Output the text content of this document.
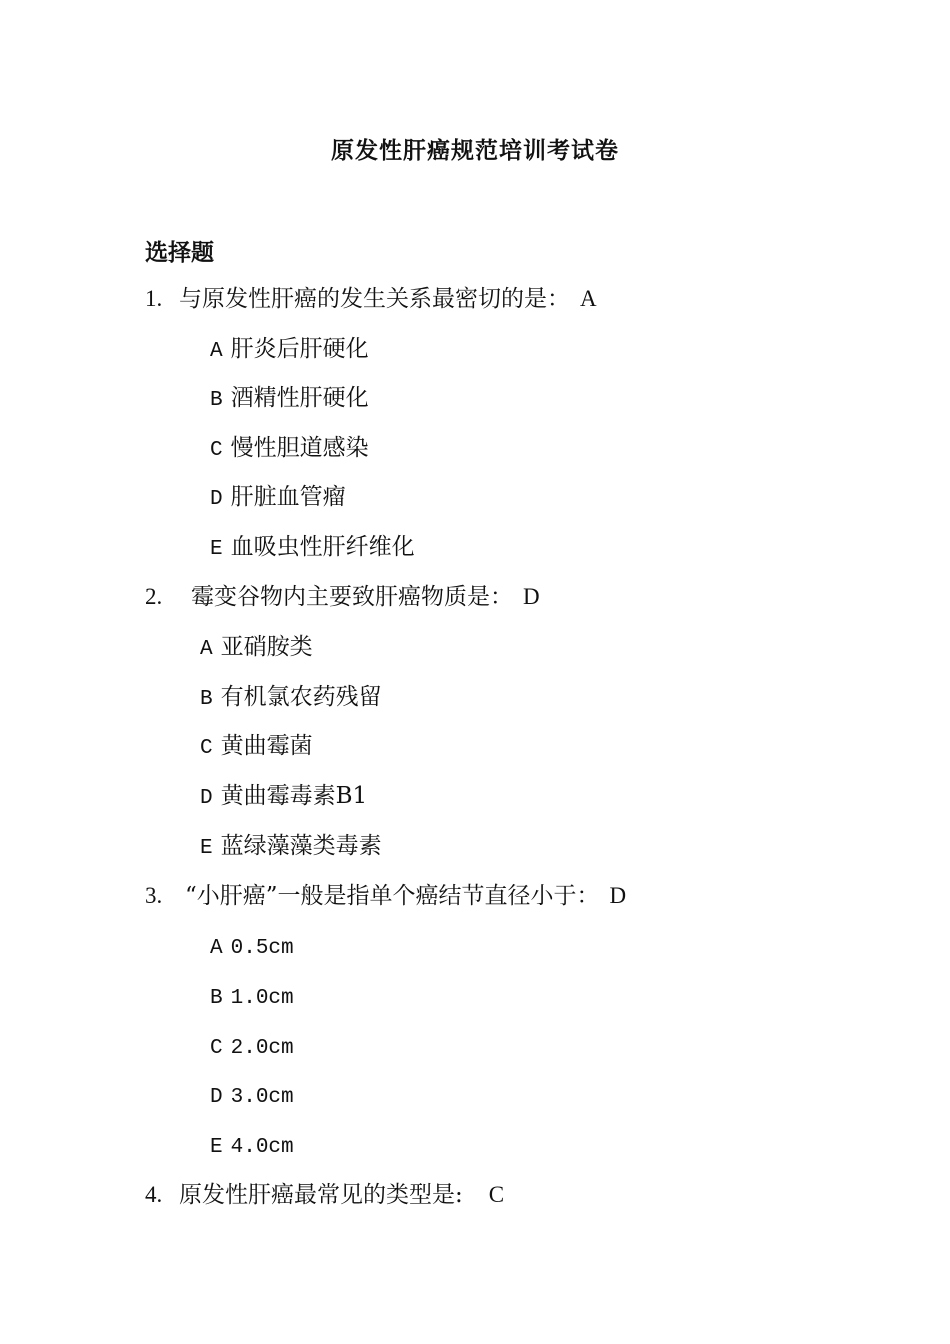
原发性肝癌规范培训考试卷
选择题
1. 与原发性肝癌的发生关系最密切的是： A
A 肝炎后肝硬化
B 酒精性肝硬化
C 慢性胆道感染
D 肝脏血管瘤
E 血吸虫性肝纤维化
2. 霉变谷物内主要致肝癌物质是： D
A 亚硝胺类
B 有机氯农药残留
C 黄曲霉菌
D 黄曲霉毒素B1
E 蓝绿藻藻类毒素
3. “小肝癌”一般是指单个癌结节直径小于： D
A 0.5cm
B 1.0cm
C 2.0cm
D 3.0cm
E 4.0cm
4. 原发性肝癌最常见的类型是: C
